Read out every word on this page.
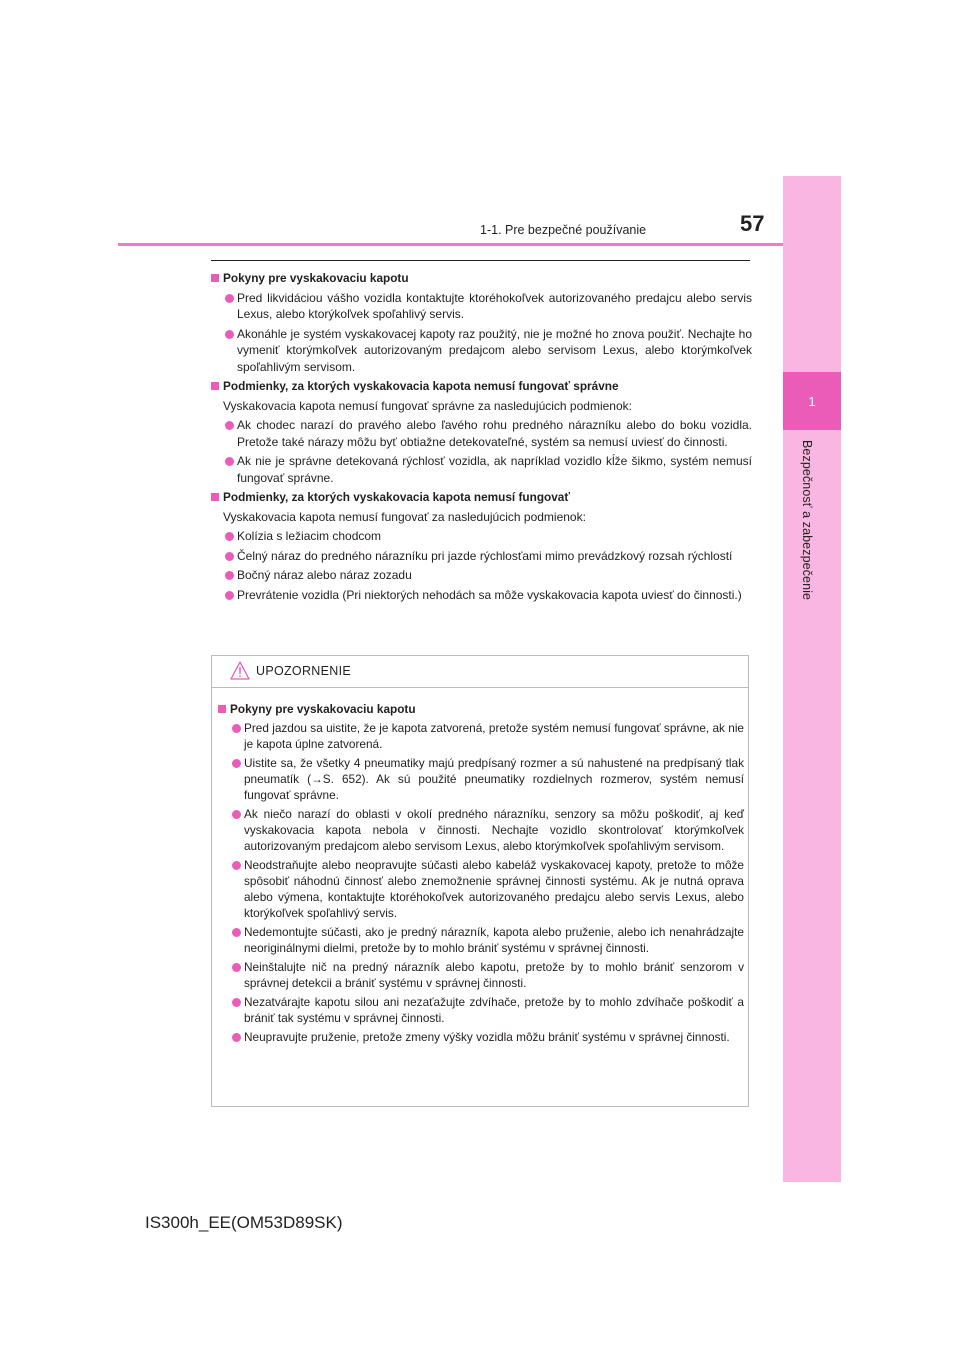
1
Bezpečnosť a zabezpečenie
1-1. Pre bezpečné používanie	57
Pokyny pre vyskakovaciu kapotu
Pred likvidáciou vášho vozidla kontaktujte ktoréhokoľvek autorizovaného predajcu alebo servis Lexus, alebo ktorýkoľvek spoľahlivý servis.
Akonáhle je systém vyskakovacej kapoty raz použitý, nie je možné ho znova použiť. Nechajte ho vymeniť ktorýmkoľvek autorizovaným predajcom alebo servisom Lexus, alebo ktorýmkoľvek spoľahlivým servisom.
Podmienky, za ktorých vyskakovacia kapota nemusí fungovať správne
Vyskakovacia kapota nemusí fungovať správne za nasledujúcich podmienok:
Ak chodec narazí do pravého alebo ľavého rohu predného nárazníku alebo do boku vozidla. Pretože také nárazy môžu byť obtiažne detekovateľné, systém sa nemusí uviesť do činnosti.
Ak nie je správne detekovaná rýchlosť vozidla, ak napríklad vozidlo kĺže šikmo, systém nemusí fungovať správne.
Podmienky, za ktorých vyskakovacia kapota nemusí fungovať
Vyskakovacia kapota nemusí fungovať za nasledujúcich podmienok:
Kolízia s ležiacim chodcom
Čelný náraz do predného nárazníku pri jazde rýchlosťami mimo prevádzkový rozsah rýchlostí
Bočný náraz alebo náraz zozadu
Prevrátenie vozidla (Pri niektorých nehodách sa môže vyskakovacia kapota uviesť do činnosti.)
UPOZORNENIE
Pokyny pre vyskakovaciu kapotu
Pred jazdou sa uistite, že je kapota zatvorená, pretože systém nemusí fungovať správne, ak nie je kapota úplne zatvorená.
Uistite sa, že všetky 4 pneumatiky majú predpísaný rozmer a sú nahustené na predpísaný tlak pneumatík (→S. 652). Ak sú použité pneumatiky rozdielnych rozmerov, systém nemusí fungovať správne.
Ak niečo narazí do oblasti v okolí predného nárazníku, senzory sa môžu poškodiť, aj keď vyskakovacia kapota nebola v činnosti. Nechajte vozidlo skontrolovať ktorýmkoľvek autorizovaným predajcom alebo servisom Lexus, alebo ktorýmkoľvek spoľahlivým servisom.
Neodstraňujte alebo neopravujte súčasti alebo kabeláž vyskakovacej kapoty, pretože to môže spôsobiť náhodnú činnosť alebo znemožnenie správnej činnosti systému. Ak je nutná oprava alebo výmena, kontaktujte ktoréhokoľvek autorizovaného predajcu alebo servis Lexus, alebo ktorýkoľvek spoľahlivý servis.
Nedemontujte súčasti, ako je predný nárazník, kapota alebo pruženie, alebo ich nenahrádzajte neoriginálnymi dielmi, pretože by to mohlo brániť systému v správnej činnosti.
Neinštalujte nič na predný nárazník alebo kapotu, pretože by to mohlo brániť senzorom v správnej detekcii a brániť systému v správnej činnosti.
Nezatvárajte kapotu silou ani nezaťažujte zdvíhače, pretože by to mohlo zdvíhače poškodiť a brániť tak systému v správnej činnosti.
Neupravujte pruženie, pretože zmeny výšky vozidla môžu brániť systému v správnej činnosti.
IS300h_EE(OM53D89SK)
